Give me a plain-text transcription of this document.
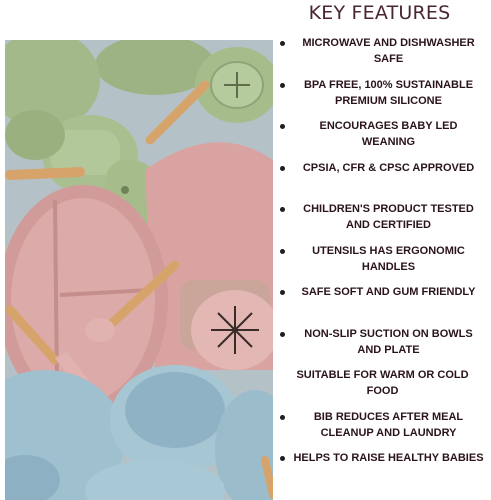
KEY FEATURES
MICROWAVE AND DISHWASHER SAFE
BPA FREE, 100% SUSTAINABLE PREMIUM SILICONE
ENCOURAGES BABY LED WEANING
CPSIA, CFR & CPSC APPROVED
CHILDREN'S PRODUCT TESTED AND CERTIFIED
UTENSILS HAS ERGONOMIC HANDLES
SAFE SOFT AND GUM FRIENDLY
NON-SLIP SUCTION ON BOWLS AND PLATE
SUITABLE FOR WARM OR COLD FOOD
BIB REDUCES AFTER MEAL CLEANUP AND LAUNDRY
HELPS TO RAISE HEALTHY BABIES
